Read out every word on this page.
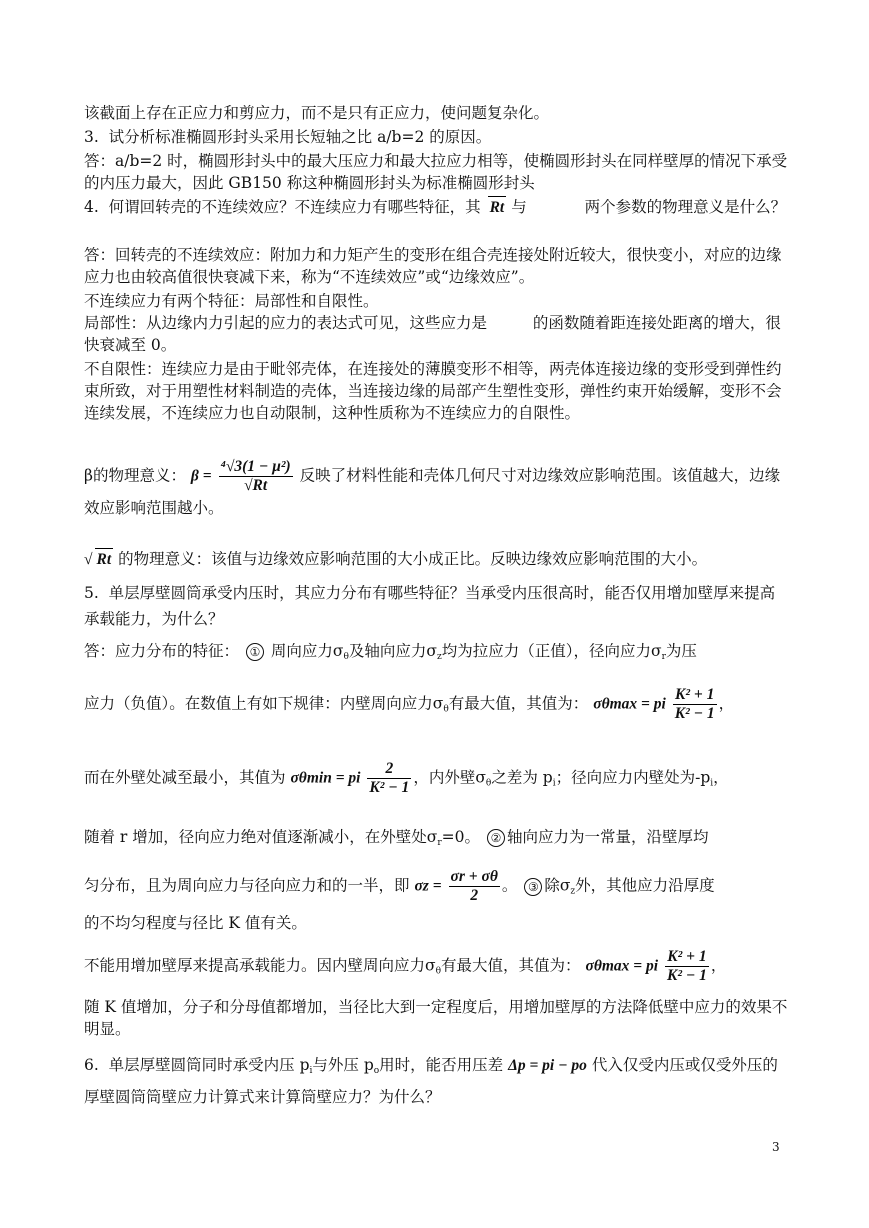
该截面上存在正应力和剪应力，而不是只有正应力，使问题复杂化。
3.  试分析标准椭圆形封头采用长短轴之比 a/b=2 的原因。
答：a/b=2 时，椭圆形封头中的最大压应力和最大拉应力相等，使椭圆形封头在同样壁厚的情况下承受的内压力最大，因此 GB150 称这种椭圆形封头为标准椭圆形封头
4.  何谓回转壳的不连续效应？不连续应力有哪些特征，其 Rt 与	两个参数的物理意义是什么？
答：回转壳的不连续效应：附加力和力矩产生的变形在组合壳连接处附近较大，很快变小，对应的边缘应力也由较高值很快衰减下来，称为“不连续效应”或“边缘效应”。
不连续应力有两个特征：局部性和自限性。
局部性：从边缘内力引起的应力的表达式可见，这些应力是	的函数随着距连接处距离的增大，很快衰减至 0。
不自限性：连续应力是由于毗邻壳体，在连接处的薄膜变形不相等，两壳体连接边缘的变形受到弹性约束所致，对于用塑性材料制造的壳体，当连接边缘的局部产生塑性变形，弹性约束开始缓解，变形不会连续发展，不连续应力也自动限制，这种性质称为不连续应力的自限性。
β的物理意义： $\beta = \frac{\text{⁴√3(1 − μ²)}}{√Rt}$ 反映了材料性能和壳体几何尺寸对边缘效应影响范围。该值越大，边缘效应影响范围越小。
√ Rt 的物理意义：该值与边缘效应影响范围的大小成正比。反映边缘效应影响范围的大小。
5.  单层厚壁圆筒承受内压时，其应力分布有哪些特征？当承受内压很高时，能否仅用增加壁厚来提高承载能力，为什么？
答：应力分布的特征： ① 周向应力$\sigma_\theta$及轴向应力$\sigma_z$均为拉应力（正值），径向应力$\sigma_r$为压
应力（负值）。在数值上有如下规律：内壁周向应力$\sigma_\theta$有最大值，其值为： σθmax = pi $\frac{\text{K² + 1}}{\text{K² − 1}}$ ，
而在外壁处减至最小，其值为 σθmin = pi $\frac{2}{\text{K² − 1}}$ ，内外壁$\sigma_\theta$之差为 $p_i$；径向应力内壁处为$-p_i$，
随着 r 增加，径向应力绝对值逐渐减小，在外壁处$\sigma_r=0$。 ② 轴向应力为一常量，沿壁厚均
匀分布，且为周向应力与径向应力和的一半，即 $\sigma z = \frac{\sigma r + \sigma\theta}{2}$ 。 ③ 除$\sigma_z$外，其他应力沿厚度
的不均匀程度与径比 K 值有关。
不能用增加壁厚来提高承载能力。因内壁周向应力$\sigma_\theta$有最大值，其值为： σθmax = pi $\frac{\text{K² + 1}}{\text{K² − 1}}$ ，
随 K 值增加，分子和分母值都增加，当径比大到一定程度后，用增加壁厚的方法降低壁中应力的效果不明显。
6.  单层厚壁圆筒同时承受内压 $p_i$与外压 $p_o$用时，能否用压差 Δp = pi − po 代入仅受内压或仅受外压的厚壁圆筒筒壁应力计算式来计算筒壁应力？为什么？
3
